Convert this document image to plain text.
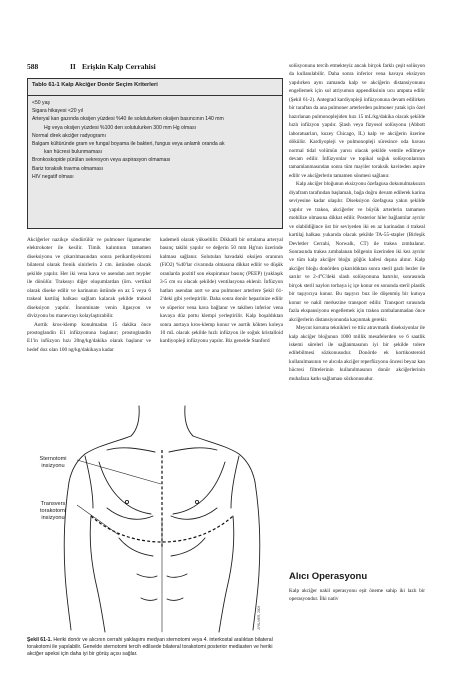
588	II Erişkin Kalp Cerrahisi
Tablo 61-1 Kalp Akciğer Donör Seçim Kriterleri
<50 yaş
Sigara hikayesi <20 yıl
Arteryal kan gazında oksijen yüzdesi %40 ile solutulurken oksijen basıncının 140 mm
Hg veya oksijen yüzdesi %100 den solutulurken 300 mm Hg olması
Normal direk akciğer radyogramı
Balgam kültüründe gram ve fungal boyama ile bakteri, fungus veya anlamlı oranda ak
kan hücresi bulunmaması
Bronkoskopide pürülan sekresyon veya aspirasyon olmaması
Bariz toraksik travma olmaması
HIV negatif olması

Akciğerler nazikçe söndürülür ve pulmoner ligamentler elektrokoter ile kesilir. Timik kalıntının tamamen diseksiyonu ve çıkarılmasından sonra perikardiyektomi bilateral olarak frenik sinirlerin 2 cm. üstünden olacak şekilde yapılır. Her iki vena kava ve asendan aort teypler ile dönülür. Trakeayı diğer oluşumlardan (örn. vertikal olarak diseke edilir ve karinanın üstünde en az 5 veya 6 trakeal kartilaj halkası sağlam kalacak şekilde trakeal diseksiyon yapılır. İnnominate venin ligasyon ve divizyonu bu manevrayı kolaylaştırabilir.

Aortik kros-klemp konulmadan 15 dakika önce prostoglandin E1 infüzyonuna başlanır; prostoglandin E1'in infüzyon hızı 20ng/kg/dakika olarak başlanır ve hedef doz olan 100 ng/kg/dakikaya kadar

kademeli olarak yükseltilir. Dikkatli bir ortalama arteryal basınç takibi yapılır ve değerin 50 mm Hg'nın üzerinde kalması sağlanır. Solutulan havadaki oksijen oranının (FiO2) %40'lar civarında olmasına dikkat edilir ve düşük oranlarda pozitif son ekspiratuar basınç (PEEP) (yaklaşık 3-5 cm su olacak şekilde) ventilasyona eklenir. İnfüzyon hatları asendan aort ve ana pulmoner arterlere Şekil 61-2'deki gibi yerleştirilir. Daha sonra donör heparinize edilir ve süperior vena kava bağlanır ve takiben inferior vena kavaya düz pottu klempi yerleştirilir. Kalp boşaldıktan sonra aortaya kros-klemp konur ve aortik kökten koleya 10 mL olacak şekilde hızlı infüzyon ile soğuk kristalloid kardiyopleji infüzyonu yapılır. Biz genelde Stanford

solüsyonunu tercih etmekteyiz ancak birçok farklı çeşit solüsyon da kullanılabilir. Daha sonra inferior vena kavaya eksizyon yapılırken aynı zamanda kalp ve akciğerin distansiyonunu engellemek için sol atriyumun appendiksinin ucu amputa edilir (Şekil 61-2). Antegrad kardiyopleji infüzyonuna devam edilirken bir taraftan da ana pulmoner arterlerden pulmoner yatak için özel hazırlanan pulmonoplejiden hızı 15 mL/kg/dakika olacak şekilde hızlı infüzyon yapılır. Şlash veya fizyosol solüsyonu (Abbott laboratuarları, kuzey Chicago, IL) kalp ve akciğerin üzerine dökülür. Kardiyopleji ve pulmonopleji süresince oda havası normal tidal volümün yarısı olacak şekilde ventile edilmeye devam edilir. İnfüzyonlar ve topikal soğuk solüsyonlarının tamamlanmasından sonra tüm mayiler toraksik kaviteden aspire edilir ve akciğerlerin tamamen sönmesi sağlanır.

Kalp akciğer bloğunun eksizyonu özefagusa dokunulmaksızın diyafram tarafından başlamalı, bağa doğru devam edilerek karina seviyesine kadar ulaşılır. Diseksiyon özefagusa yakın şekilde yapılır ve trakea, akciğerler ve büyük arterlerin tamamen mobilize olmasına dikkat edilir. Posterior hiler bağlantılar ayrılır ve olabildiğince üst bir seviyeden iki en az karinadan 4 trakeal kartilaj halkası yukarıda olacak şekilde TA-55-stapler (Birleşik Devletler Cerrahi, Norwalk, CT) ile trakea zımbalanır. Sonrasında trakea zımbalanan bölgenin üzerinden iki kez ayrılır ve tüm kalp akciğer bloğu göğüs kafesi dışına alınır. Kalp akciğer bloğu donörden çıkarıldıktan sonra steril gazlı bezler ile sarılır ve 2-4°C'deki slash solüsyonuna batırılır, sonrasında birçok steril naylon torbaya iç içe konur en sonunda steril plastik bir taşıyıcıya konur. Bu taşıyıcı buz ile döşenmiş bir kutuya konur ve nakil merkezine transport edilir. Transport sırasında fazla ekspansiyonu engellemek için trakea zımbalanmadan önce akciğerlerin distansiyonunda kaçınmak gerekir.

Meycut koruma teknikleri ve ttiiz atravmatik diseksiyonlar ile kalp akciğer bloğunun 1000 millik mesafelerden ve 6 saatlik iskemi süreleri ile sağlanmasının iyi bir şekilde tolere edilebilmesi sözkonusudur. Donörde ek kortikosteroid kullanılmasının ve alıcıda akciğer reperfüzyonu öncesi beyaz kan hücresi filtrelerinin kullanılmasının donör akciğerlerinin muhafaza katkı sağlaması sözkonusudur.

Alıcı Operasyonu

Kalp akciğer nakil operasyonu eşit öneme sahip iki lazlı bir operasyondur. İlki nativ

Sternotomi insizyonu
Transvers torakotomi insizyonu
J.PALMER, 2009
Şekil 61-1. Heriki donör ve alıcının cerrahi yaklaşımı medyan sternotomi veya 4. interkostal aralıktan bilateral torakotomi ile yapılabilir. Genelde sternotomi tercih edilsede bilateral torakotomi posterior mediasten ve heriki akciğer apeksi için daha iyi bir görüş açısı sağlar.
